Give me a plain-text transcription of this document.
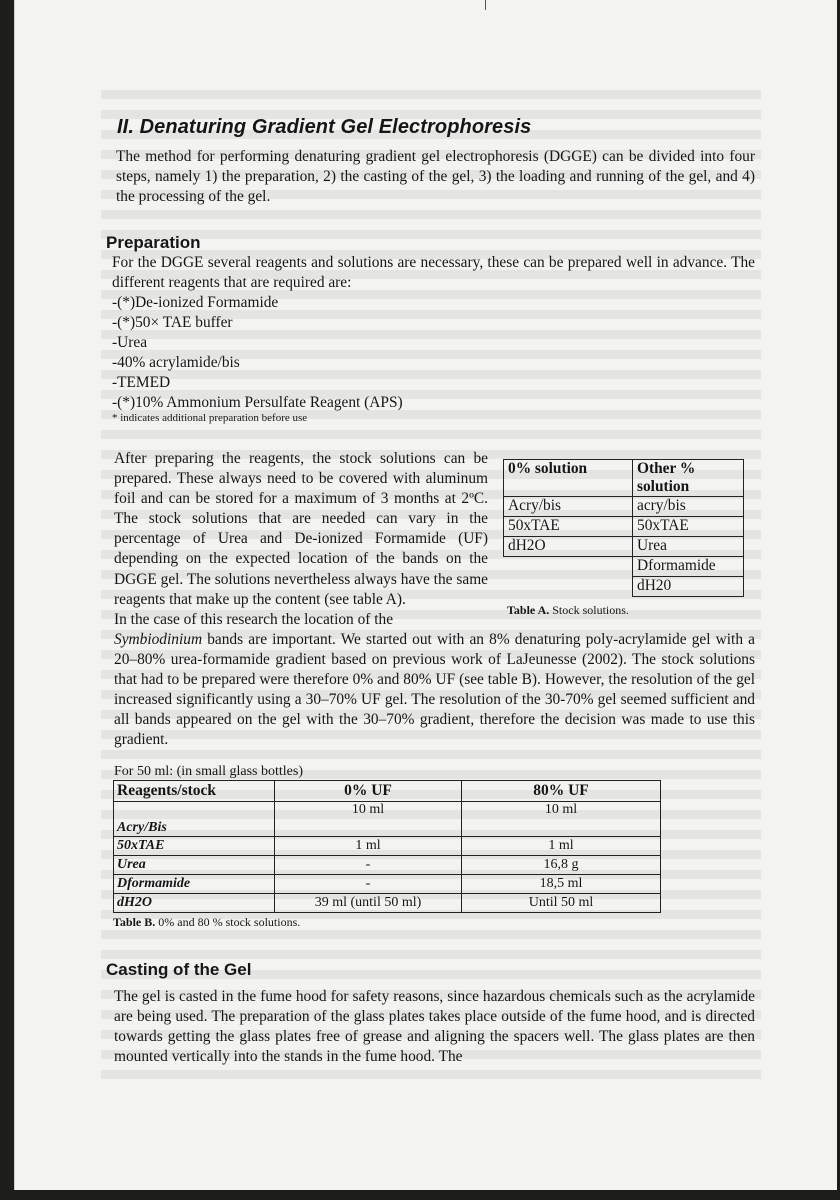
II. Denaturing Gradient Gel Electrophoresis

The method for performing denaturing gradient gel electrophoresis (DGGE) can be divided into four steps, namely 1) the preparation, 2) the casting of the gel, 3) the loading and running of the gel, and 4) the processing of the gel.

Preparation

For the DGGE several reagents and solutions are necessary, these can be prepared well in advance. The different reagents that are required are:

-(*)De-ionized Formamide
-(*)50× TAE buffer
-Urea
-40% acrylamide/bis
-TEMED
-(*)10% Ammonium Persulfate Reagent (APS)
* indicates additional preparation before use

After preparing the reagents, the stock solutions can be prepared. These always need to be covered with aluminum foil and can be stored for a maximum of 3 months at 2ºC. The stock solutions that are needed can vary in the percentage of Urea and De-ionized Formamide (UF) depending on the expected location of the bands on the DGGE gel. The solutions nevertheless always have the same reagents that make up the content (see table A).

0% solution	Other % solution
Acry/bis	acry/bis
50xTAE	50xTAE
dH2O	Urea
	Dformamide
	dH20
Table A. Stock solutions.

In the case of this research the location of the
Symbiodinium bands are important. We started out with an 8% denaturing poly-acrylamide gel with a 20–80% urea-formamide gradient based on previous work of LaJeunesse (2002). The stock solutions that had to be prepared were therefore 0% and 80% UF (see table B). However, the resolution of the gel increased significantly using a 30–70% UF gel. The resolution of the 30-70% gel seemed sufficient and all bands appeared on the gel with the 30–70% gradient, therefore the decision was made to use this gradient.

For 50 ml: (in small glass bottles)
Reagents/stock	0% UF	80% UF
Acry/Bis	10 ml	10 ml
50xTAE	1 ml	1 ml
Urea	-	16,8 g
Dformamide	-	18,5 ml
dH2O	39 ml (until 50 ml)	Until 50 ml
Table B. 0% and 80 % stock solutions.
Casting of the Gel

The gel is casted in the fume hood for safety reasons, since hazardous chemicals such as the acrylamide are being used. The preparation of the glass plates takes place outside of the fume hood, and is directed towards getting the glass plates free of grease and aligning the spacers well. The glass plates are then mounted vertically into the stands in the fume hood. The
